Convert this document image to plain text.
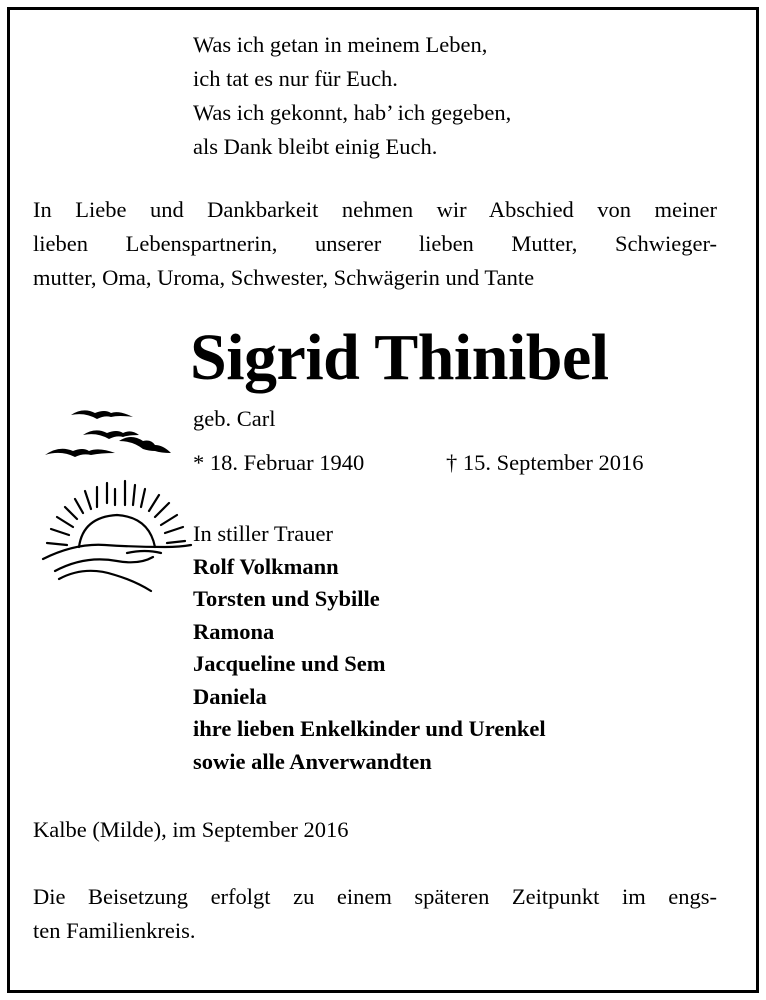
Was ich getan in meinem Leben,
ich tat es nur für Euch.
Was ich gekonnt, hab’ ich gegeben,
als Dank bleibt einig Euch.
In Liebe und Dankbarkeit nehmen wir Abschied von meiner
lieben Lebenspartnerin, unserer lieben Mutter, Schwieger-
mutter, Oma, Uroma, Schwester, Schwägerin und Tante
Sigrid Thinibel
geb. Carl
* 18. Februar 1940	† 15. September 2016
In stiller Trauer
Rolf Volkmann
Torsten und Sybille
Ramona
Jacqueline und Sem
Daniela
ihre lieben Enkelkinder und Urenkel
sowie alle Anverwandten
Kalbe (Milde), im September 2016
Die Beisetzung erfolgt zu einem späteren Zeitpunkt im engs-
ten Familienkreis.
